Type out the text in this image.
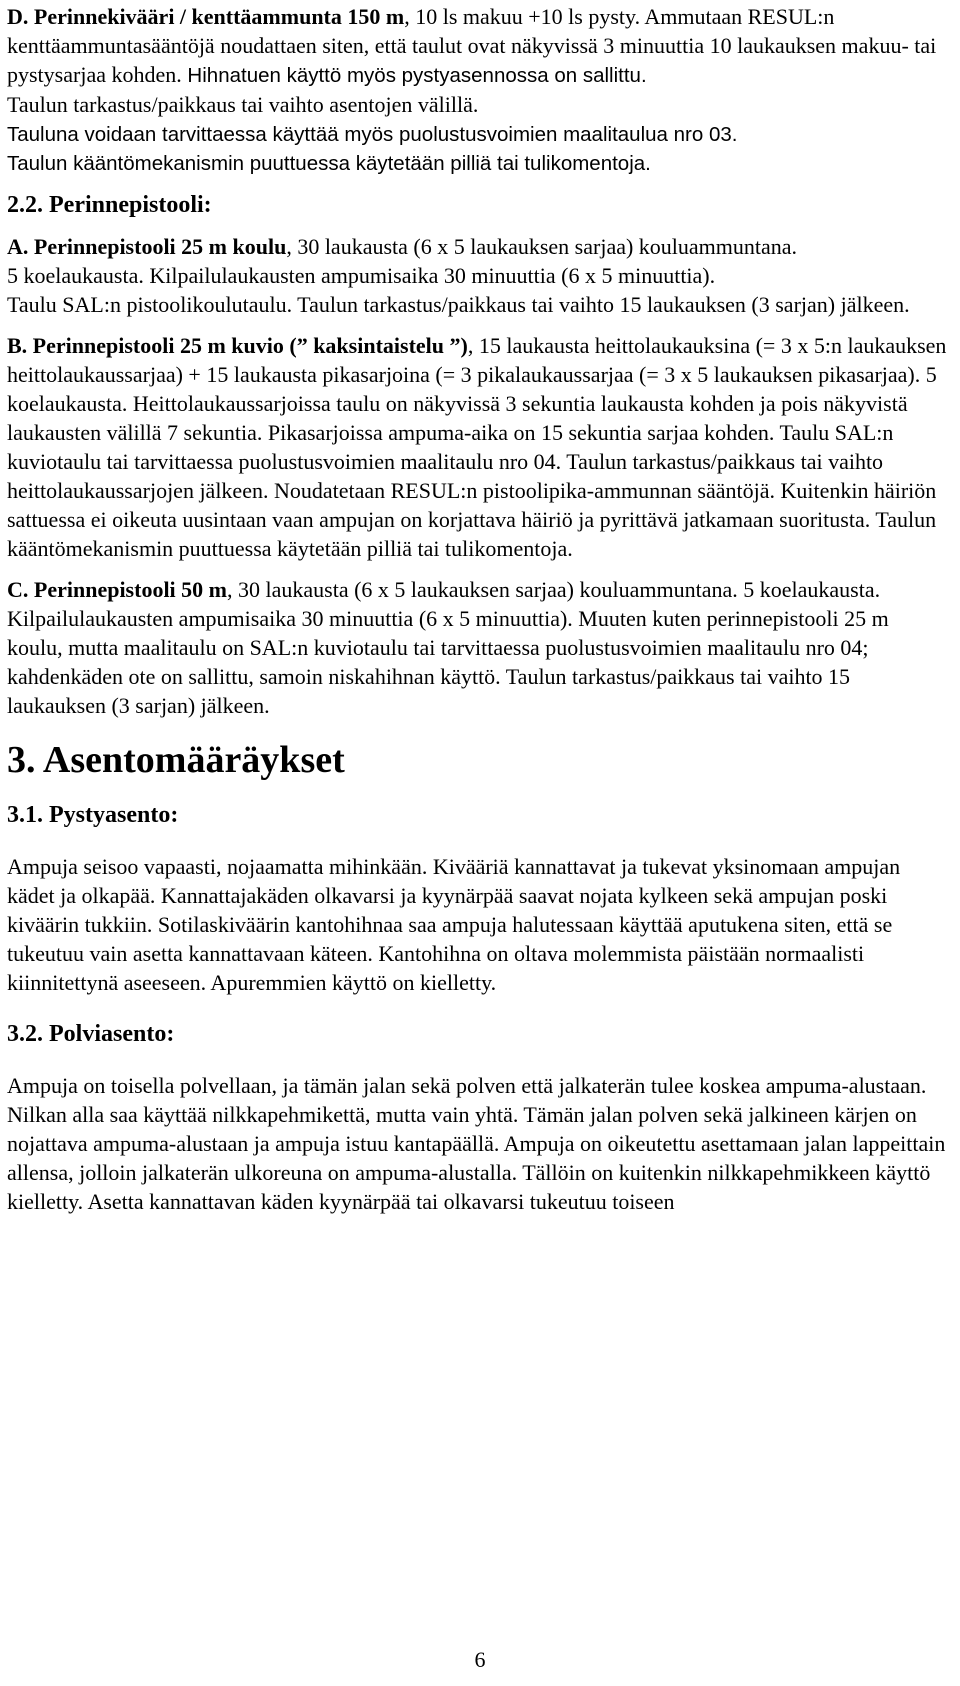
D. Perinnekivääri / kenttäammunta 150 m, 10 ls makuu +10 ls pysty. Ammutaan RESUL:n kenttäammuntasääntöjä noudattaen siten, että taulut ovat näkyvissä 3 minuuttia 10 laukauksen makuu- tai pystysarjaa kohden. Hihnatuen käyttö myös pystyasennossa on sallittu.

Taulun tarkastus/paikkaus tai vaihto asentojen välillä.

Tauluna voidaan tarvittaessa käyttää myös puolustusvoimien maalitaulua nro 03.

Taulun kääntömekanismin puuttuessa käytetään pilliä tai tulikomentoja.

2.2. Perinnepistooli:

A. Perinnepistooli 25 m koulu, 30 laukausta (6 x 5 laukauksen sarjaa) kouluammuntana.

5 koelaukausta. Kilpailulaukausten ampumisaika 30 minuuttia (6 x 5 minuuttia).

Taulu SAL:n pistoolikoulutaulu. Taulun tarkastus/paikkaus tai vaihto 15 laukauksen (3 sarjan) jälkeen.

B. Perinnepistooli 25 m kuvio (” kaksintaistelu ”), 15 laukausta heittolaukauksina (= 3 x 5:n laukauksen heittolaukaussarjaa) + 15 laukausta pikasarjoina (= 3 pikalaukaussarjaa (= 3 x 5 laukauksen pikasarjaa). 5 koelaukausta. Heittolaukaussarjoissa taulu on näkyvissä 3 sekuntia laukausta kohden ja pois näkyvistä laukausten välillä 7 sekuntia. Pikasarjoissa ampuma-aika on 15 sekuntia sarjaa kohden. Taulu SAL:n kuviotaulu tai tarvittaessa puolustusvoimien maalitaulu nro 04. Taulun tarkastus/paikkaus tai vaihto heittolaukaussarjojen jälkeen. Noudatetaan RESUL:n pistoolipika-ammunnan sääntöjä. Kuitenkin häiriön sattuessa ei oikeuta uusintaan vaan ampujan on korjattava häiriö ja pyrittävä jatkamaan suoritusta. Taulun kääntömekanismin puuttuessa käytetään pilliä tai tulikomentoja.

C. Perinnepistooli 50 m, 30 laukausta (6 x 5 laukauksen sarjaa) kouluammuntana. 5 koelaukausta. Kilpailulaukausten ampumisaika 30 minuuttia (6 x 5 minuuttia). Muuten kuten perinnepistooli 25 m koulu, mutta maalitaulu on SAL:n kuviotaulu tai tarvittaessa puolustusvoimien maalitaulu nro 04; kahdenkäden ote on sallittu, samoin niskahihnan käyttö. Taulun tarkastus/paikkaus tai vaihto 15 laukauksen (3 sarjan) jälkeen.

3. Asentomääräykset

3.1. Pystyasento:

Ampuja seisoo vapaasti, nojaamatta mihinkään. Kivääriä kannattavat ja tukevat yksinomaan ampujan kädet ja olkapää. Kannattajakäden olkavarsi ja kyynärpää saavat nojata kylkeen sekä ampujan poski kiväärin tukkiin. Sotilaskiväärin kantohihnaa saa ampuja halutessaan käyttää aputukena siten, että se tukeutuu vain asetta kannattavaan käteen. Kantohihna on oltava molemmista päistään normaalisti kiinnitettynä aseeseen. Apuremmien käyttö on kielletty.

3.2. Polviasento:

Ampuja on toisella polvellaan, ja tämän jalan sekä polven että jalkaterän tulee koskea ampuma-alustaan. Nilkan alla saa käyttää nilkkapehmikettä, mutta vain yhtä. Tämän jalan polven sekä jalkineen kärjen on nojattava ampuma-alustaan ja ampuja istuu kantapäällä. Ampuja on oikeutettu asettamaan jalan lappeittain allensa, jolloin jalkaterän ulkoreuna on ampuma-alustalla. Tällöin on kuitenkin nilkkapehmikkeen käyttö kielletty. Asetta kannattavan käden kyynärpää tai olkavarsi tukeutuu toiseen

6
